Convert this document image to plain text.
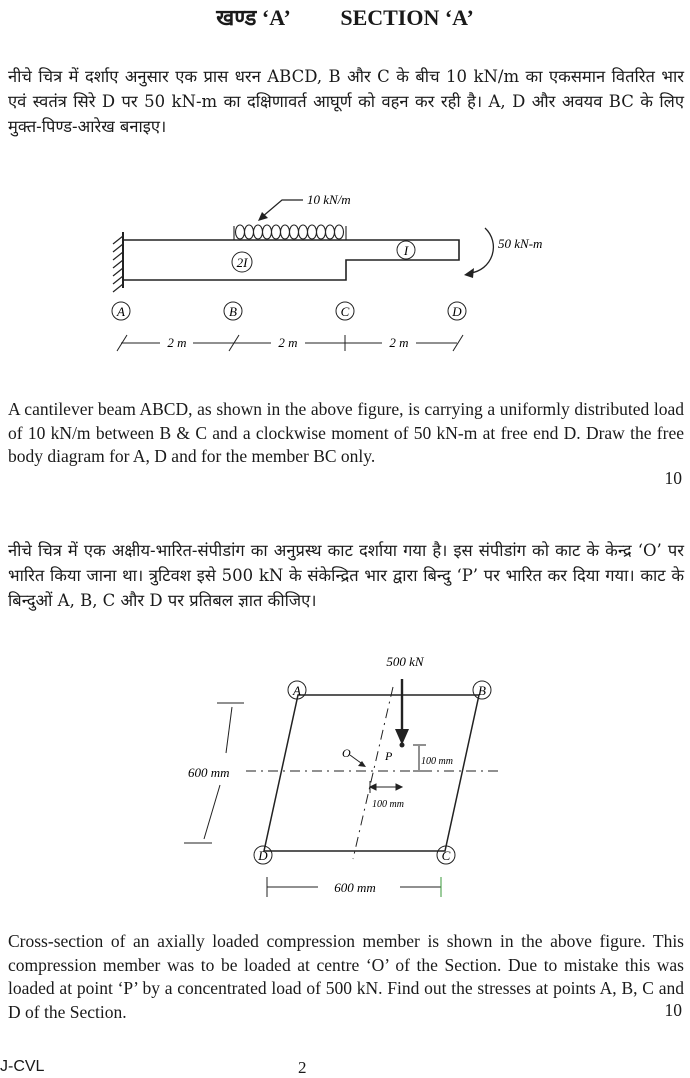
खण्ड ‘A’ SECTION ‘A’
नीचे चित्र में दर्शाए अनुसार एक प्रास धरन ABCD, B और C के बीच 10 kN/m का एकसमान वितरित भार एवं स्वतंत्र सिरे D पर 50 kN-m का दक्षिणावर्त आघूर्ण को वहन कर रही है। A, D और अवयव BC के लिए मुक्त-पिण्ड-आरेख बनाइए।
10 kN/m
2I
I	50 kN-m
A	B	C	D
2 m	2 m	2 m
A cantilever beam ABCD, as shown in the above figure, is carrying a uniformly distributed load of 10 kN/m between B & C and a clockwise moment of 50 kN-m at free end D. Draw the free body diagram for A, D and for the member BC only.
10
नीचे चित्र में एक अक्षीय-भारित-संपीडांग का अनुप्रस्थ काट दर्शाया गया है। इस संपीडांग को काट के केन्द्र ‘O’ पर भारित किया जाना था। त्रुटिवश इसे 500 kN के संकेन्द्रित भार द्वारा बिन्दु ‘P’ पर भारित कर दिया गया। काट के बिन्दुओं A, B, C और D पर प्रतिबल ज्ञात कीजिए।
A	B
C
D
500 kN
P
O
100 mm
100 mm
600 mm
600 mm
Cross-section of an axially loaded compression member is shown in the above figure. This compression member was to be loaded at centre ‘O’ of the Section. Due to mistake this was loaded at point ‘P’ by a concentrated load of 500 kN. Find out the stresses at points A, B, C and D of the Section.	10
J-CVL	2
